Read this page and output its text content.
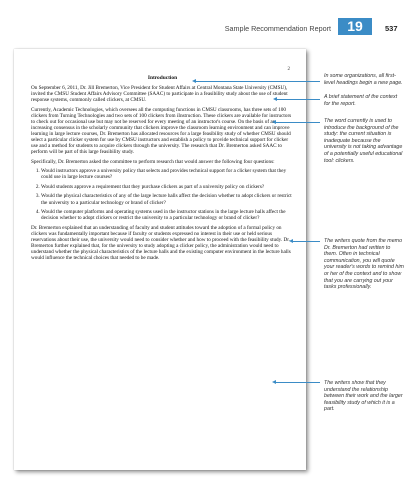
Sample Recommendation Report	19	537
2
Introduction

On September 6, 2011, Dr. Jill Bremerton, Vice President for Student Affairs at Central Montana State University (CMSU), invited the CMSU Student Affairs Advisory Committee (SAAC) to participate in a feasibility study about the use of student response systems, commonly called clickers, at CMSU.

Currently, Academic Technologies, which oversees all the computing functions in CMSU classrooms, has three sets of 100 clickers from Turning Technologies and two sets of 100 clickers from iInstruction. These clickers are available for instructors to check out for occasional use but may not be reserved for every meeting of an instructor's course. On the basis of an increasing consensus in the scholarly community that clickers improve the classroom learning environment and can improve learning in large lecture courses, Dr. Bremerton has allocated resources for a large feasibility study of whether CMSU should select a particular clicker system for use by CMSU instructors and establish a policy to provide technical support for clicker use and a method for students to acquire clickers through the university. The research that Dr. Bremerton asked SAAC to perform will be part of this large feasibility study.

Specifically, Dr. Bremerton asked the committee to perform research that would answer the following four questions:

1. Would instructors approve a university policy that selects and provides technical support for a clicker system that they could use in large lecture courses?
2. Would students approve a requirement that they purchase clickers as part of a university policy on clickers?
3. Would the physical characteristics of any of the large lecture halls affect the decision whether to adopt clickers or restrict the university to a particular technology or brand of clicker?
4. Would the computer platforms and operating systems used in the instructor stations in the large lecture halls affect the decision whether to adopt clickers or restrict the university to a particular technology or brand of clicker?

Dr. Bremerton explained that an understanding of faculty and student attitudes toward the adoption of a formal policy on clickers was fundamentally important because if faculty or students expressed no interest in their use or held serious reservations about their use, the university would need to consider whether and how to proceed with the feasibility study. Dr. Bremerton further explained that, for the university to study adopting a clicker policy, the administration would need to understand whether the physical characteristics of the lecture halls and the existing computer environment in the lecture halls would influence the technical choices that needed to be made.

In some organizations, all first-level headings begin a new page.
A brief statement of the context for the report.
The word currently is used to introduce the background of the study: the current situation is inadequate because the university is not taking advantage of a potentially useful educational tool: clickers.
The writers quote from the memo Dr. Bremerton had written to them. Often in technical communication, you will quote your reader's words to remind him or her of the context and to show that you are carrying out your tasks professionally.
The writers show that they understand the relationship between their work and the larger feasibility study of which it is a part.
